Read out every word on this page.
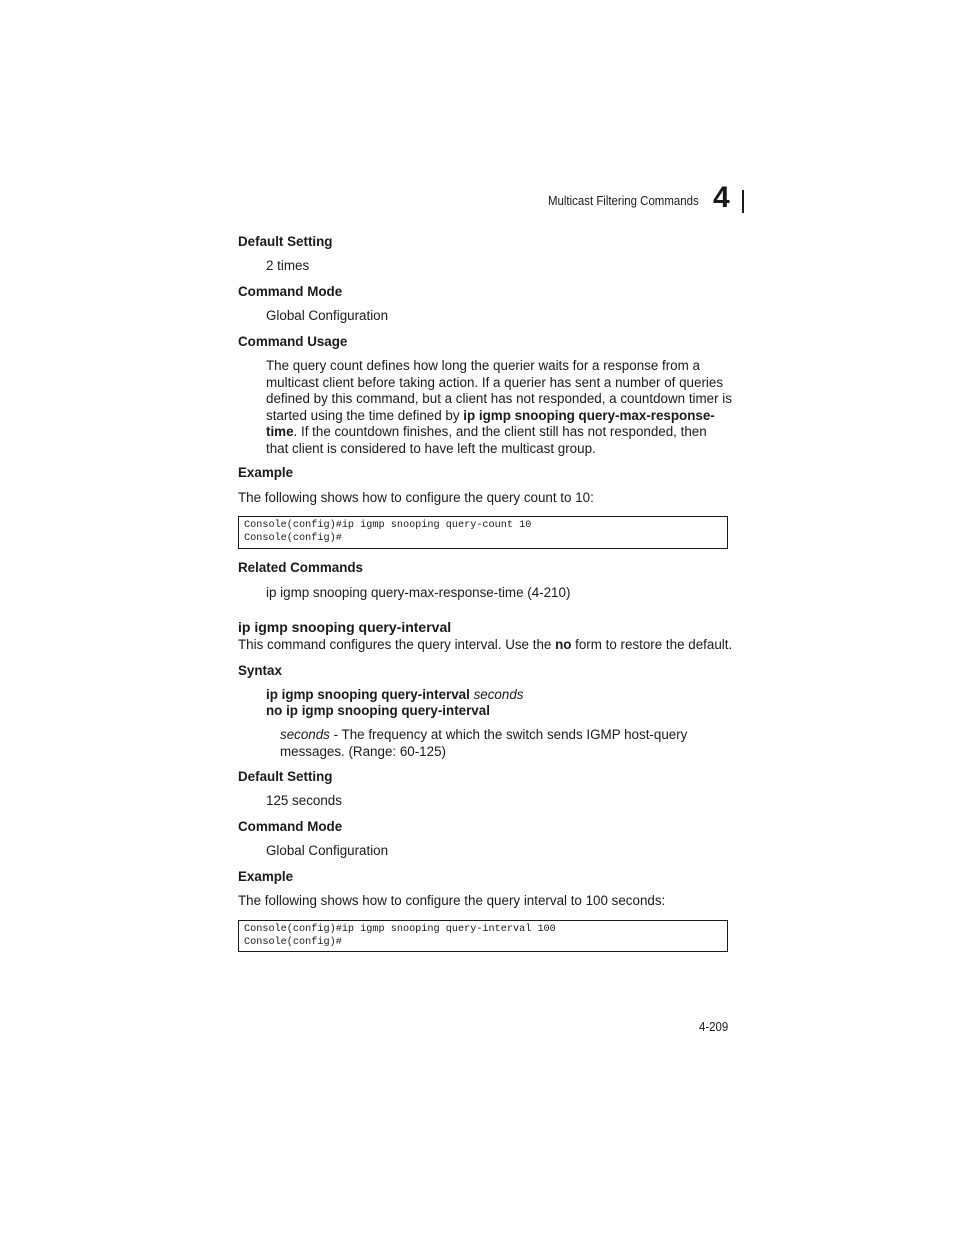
Multicast Filtering Commands 4
Default Setting
2 times
Command Mode
Global Configuration
Command Usage
The query count defines how long the querier waits for a response from a multicast client before taking action. If a querier has sent a number of queries defined by this command, but a client has not responded, a countdown timer is started using the time defined by ip igmp snooping query-max-response-time. If the countdown finishes, and the client still has not responded, then that client is considered to have left the multicast group.
Example
The following shows how to configure the query count to 10:
Console(config)#ip igmp snooping query-count 10
Console(config)#
Related Commands
ip igmp snooping query-max-response-time (4-210)
ip igmp snooping query-interval
This command configures the query interval. Use the no form to restore the default.
Syntax
ip igmp snooping query-interval seconds
no ip igmp snooping query-interval
seconds - The frequency at which the switch sends IGMP host-query messages. (Range: 60-125)
Default Setting
125 seconds
Command Mode
Global Configuration
Example
The following shows how to configure the query interval to 100 seconds:
Console(config)#ip igmp snooping query-interval 100
Console(config)#
4-209
